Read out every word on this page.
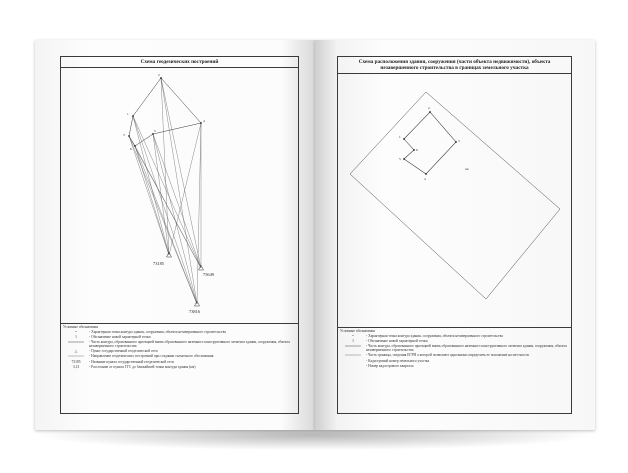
Схема геодезических построений
2
1
4
3
6
5
73185
75649
73816
Условные обозначения
•	- Характерная точка контура здания, сооружения, объекта незавершенного строительства
1	- Обозначение новой характерной точки
- Часть контура, образованного проекцией вновь образованного наземного конструктивного элемента здания, сооружения, объекта незавершенного строительства
△	- Пункт государственной геодезической сети
- Направление геодезических построений при создании съемочного обоснования
73185	- Название пункта государственной геодезической сети
3,13	- Расстояние от пункта ГГС до ближайшей точки контура здания (км)
Схема расположения здания, сооружения (части объекта недвижимости), объекта незавершенного строительства в границах земельного участка
2
1
6
5
3
4
нж
Условные обозначения
•	- Характерная точка контура здания, сооружения, объекта незавершенного строительства
1	- Обозначение новой характерной точки
- Часть контура, образованного проекцией вновь образованного наземного конструктивного элемента здания, сооружения, объекта незавершенного строительства
- Часть границы, сведения ЕГРН о которой позволяют однозначно определить ее положение на местности
- Кадастровый номер земельного участка
- Номер кадастрового квартала
